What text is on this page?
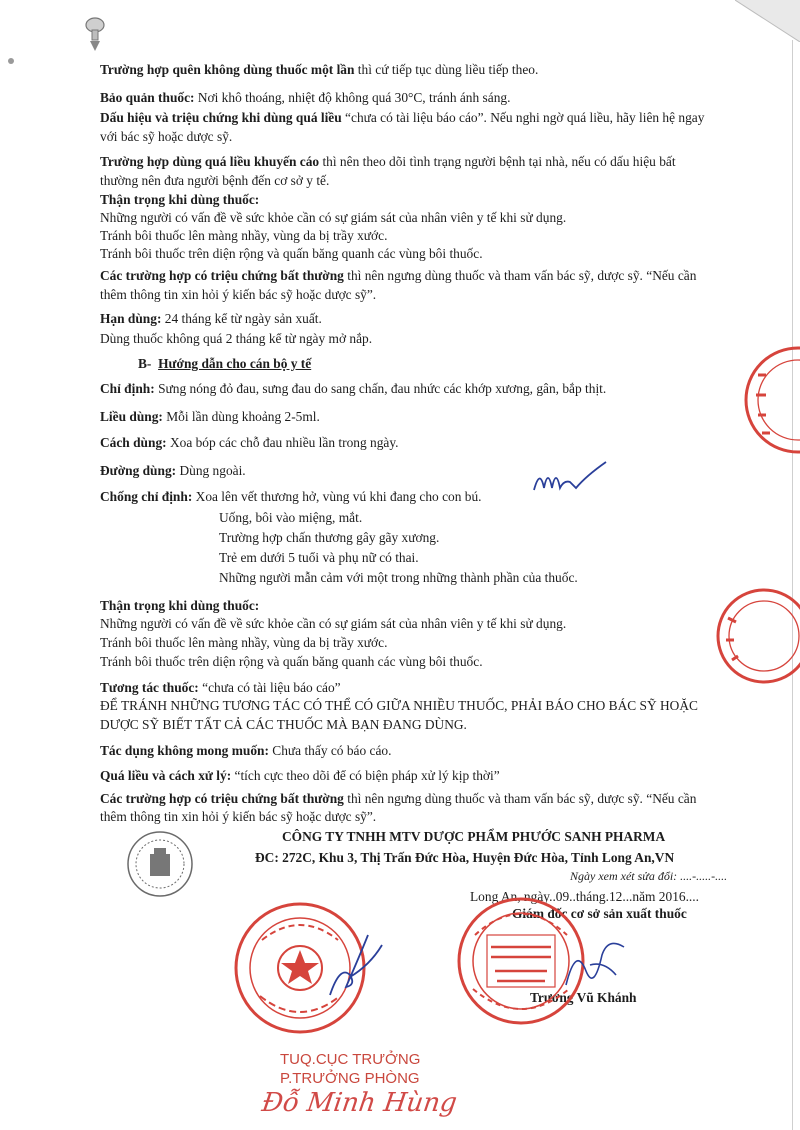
Trường hợp quên không dùng thuốc một lần thì cứ tiếp tục dùng liều tiếp theo.
Bảo quản thuốc: Nơi khô thoáng, nhiệt độ không quá 30°C, tránh ánh sáng.
Dấu hiệu và triệu chứng khi dùng quá liều “chưa có tài liệu báo cáo”. Nếu nghi ngờ quá liều, hãy liên hệ ngay
với bác sỹ hoặc dược sỹ.
Trường hợp dùng quá liều khuyến cáo thì nên theo dõi tình trạng người bệnh tại nhà, nếu có dấu hiệu bất
thường nên đưa người bệnh đến cơ sở y tế.
Thận trọng khi dùng thuốc:
Những người có vấn đề về sức khỏe cần có sự giám sát của nhân viên y tế khi sử dụng.
Tránh bôi thuốc lên màng nhầy, vùng da bị trầy xước.
Tránh bôi thuốc trên diện rộng và quấn băng quanh các vùng bôi thuốc.
Các trường hợp có triệu chứng bất thường thì nên ngưng dùng thuốc và tham vấn bác sỹ, dược sỹ. “Nếu cần
thêm thông tin xin hỏi ý kiến bác sỹ hoặc dược sỹ”.
Hạn dùng: 24 tháng kể từ ngày sản xuất.
Dùng thuốc không quá 2 tháng kể từ ngày mở nắp.
B- Hướng dẫn cho cán bộ y tế
Chỉ định: Sưng nóng đỏ đau, sưng đau do sang chấn, đau nhức các khớp xương, gân, bắp thịt.
Liều dùng: Mỗi lần dùng khoảng 2-5ml.
Cách dùng: Xoa bóp các chỗ đau nhiều lần trong ngày.
Đường dùng: Dùng ngoài.
Chống chỉ định: Xoa lên vết thương hở, vùng vú khi đang cho con bú.
Uống, bôi vào miệng, mắt.
Trường hợp chấn thương gây gãy xương.
Trẻ em dưới 5 tuổi và phụ nữ có thai.
Những người mẫn cảm với một trong những thành phần của thuốc.
Thận trọng khi dùng thuốc:
Những người có vấn đề về sức khỏe cần có sự giám sát của nhân viên y tế khi sử dụng.
Tránh bôi thuốc lên màng nhầy, vùng da bị trầy xước.
Tránh bôi thuốc trên diện rộng và quấn băng quanh các vùng bôi thuốc.
Tương tác thuốc: “chưa có tài liệu báo cáo”
ĐỂ TRÁNH NHỮNG TƯƠNG TÁC CÓ THỂ CÓ GIỮA NHIỀU THUỐC, PHẢI BÁO CHO BÁC SỸ HOẶC
DƯỢC SỸ BIẾT TẤT CẢ CÁC THUỐC MÀ BẠN ĐANG DÙNG.
Tác dụng không mong muốn: Chưa thấy có báo cáo.
Quá liều và cách xử lý: “tích cực theo dõi để có biện pháp xử lý kịp thời”
Các trường hợp có triệu chứng bất thường thì nên ngưng dùng thuốc và tham vấn bác sỹ, dược sỹ. “Nếu cần
thêm thông tin xin hỏi ý kiến bác sỹ hoặc dược sỹ”.
CÔNG TY TNHH MTV DƯỢC PHẨM PHƯỚC SANH PHARMA
ĐC: 272C, Khu 3, Thị Trấn Đức Hòa, Huyện Đức Hòa, Tỉnh Long An,VN
Ngày xem xét sửa đổi: ....-.....-....
Long An, ngày..09..tháng.12...năm 2016....
Giám đốc cơ sở sản xuất thuốc
Trương Vũ Khánh
TUQ.CỤC TRƯỞNG
P.TRƯỞNG PHÒNG
Đỗ Minh Hùng
